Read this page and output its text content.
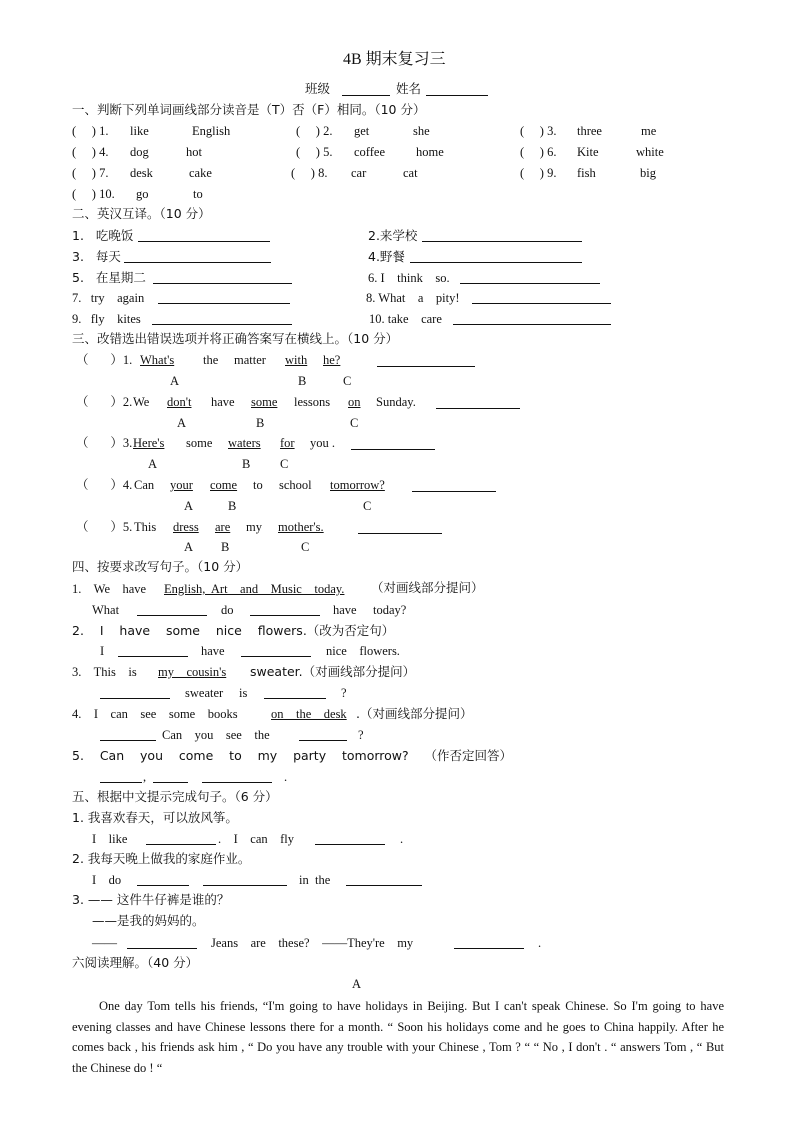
4B 期末复习三
班级	姓名
一、判断下列单词画线部分读音是（T）否（F）相同。（10 分）
(     ) 1. like	English	(     ) 2. get	she	(     ) 3. three	me
(     ) 4. dog	hot	(     ) 5. coffee home	(     ) 6. Kite	white
(     ) 7. desk	cake	(     ) 8. car	cat	(     ) 9. fish	big
(     ) 10. go	to
二、英汉互译。（10 分）
1.   吃晚饭	2.来学校
3.   每天	4.野餐
5.   在星期二	6. I    think    so.
7.   try    again	8. What    a    pity!
9.   fly    kites	10. take    care
三、改错选出错误选项并将正确答案写在横线上。（10 分）
（       ）1. What's the matter with he?
A	B	C
（       ）2. We don't have some lessons on Sunday.
A	B	C
（       ）3. Here's some waters for you .
A	B C
（       ）4. Can your come to school tomorrow?
A	B	C
（       ）5. This dress are my mother's.
A B	C
四、按要求改写句子。（10 分）
1.    We    have English,  Art    and    Music    today. （对画线部分提问）
What	do	have today?
2.    I    have    some    nice    flowers.（改为否定句）
I	have	nice    flowers.
3.    This    is my    cousin's sweater.（对画线部分提问）
sweater is	?
4.    I    can    see    some    books	on    the    desk .（对画线部分提问）
Can    you    see    the	?
5.    Can    you    come    to    my    party    tomorrow?    （作否定回答）
,	.
五、根据中文提示完成句子。（6 分）
1. 我喜欢春天，可以放风筝。
I    like	.    I    can    fly	.
2. 我每天晚上做我的家庭作业。
I    do	in  the
3. —— 这件牛仔裤是谁的？
——是我的妈妈的。
——	Jeans    are    these?    ——They're    my	.
六阅读理解。（40 分）
A
One day Tom tells his friends, “I'm going to have holidays in Beijing. But I can't speak Chinese. So I'm going to have evening classes and have Chinese lessons there for a month. “ Soon his holidays come and he goes to China happily. After he comes back , his friends ask him , “ Do you have any trouble with your Chinese , Tom ? “ “ No , I don't . “ answers Tom , “ But the Chinese do ! “
